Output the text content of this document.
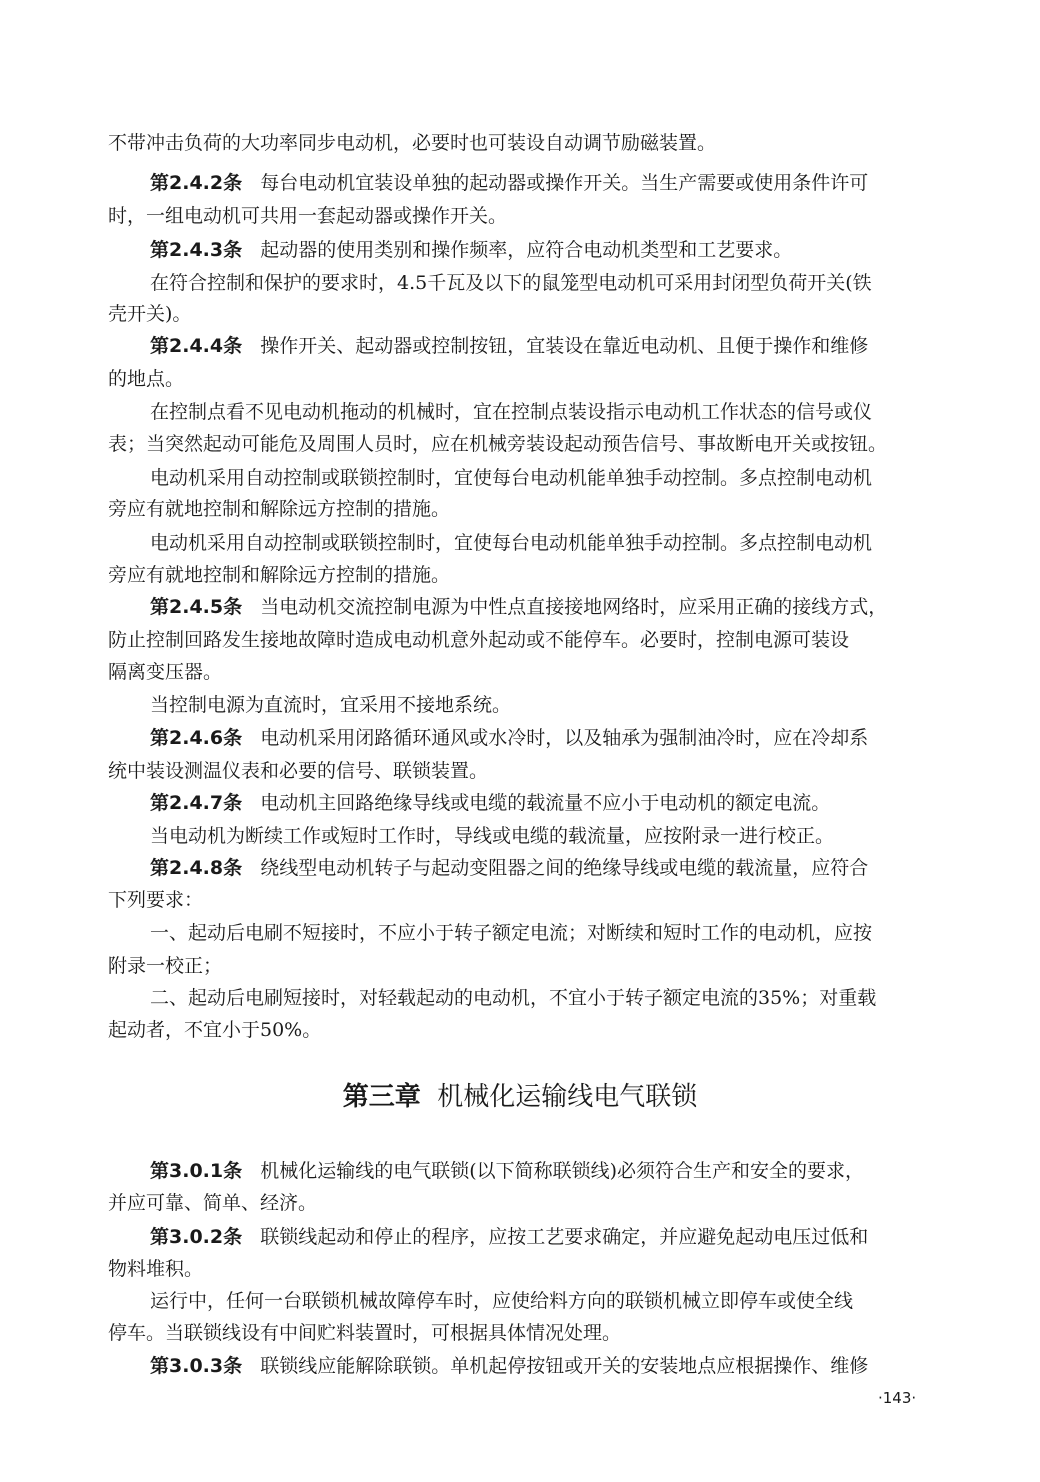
不带冲击负荷的大功率同步电动机，必要时也可装设自动调节励磁装置。
第2.4.2条 每台电动机宜装设单独的起动器或操作开关。当生产需要或使用条件许可
时，一组电动机可共用一套起动器或操作开关。
第2.4.3条 起动器的使用类别和操作频率，应符合电动机类型和工艺要求。
在符合控制和保护的要求时，4.5千瓦及以下的鼠笼型电动机可采用封闭型负荷开关(铁
壳开关)。
第2.4.4条 操作开关、起动器或控制按钮，宜装设在靠近电动机、且便于操作和维修
的地点。
在控制点看不见电动机拖动的机械时，宜在控制点装设指示电动机工作状态的信号或仪
表；当突然起动可能危及周围人员时，应在机械旁装设起动预告信号、事故断电开关或按钮。
电动机采用自动控制或联锁控制时，宜使每台电动机能单独手动控制。多点控制电动机
旁应有就地控制和解除远方控制的措施。
电动机采用自动控制或联锁控制时，宜使每台电动机能单独手动控制。多点控制电动机
旁应有就地控制和解除远方控制的措施。
第2.4.5条 当电动机交流控制电源为中性点直接接地网络时，应采用正确的接线方式，
防止控制回路发生接地故障时造成电动机意外起动或不能停车。必要时，控制电源可装设
隔离变压器。
当控制电源为直流时，宜采用不接地系统。
第2.4.6条 电动机采用闭路循环通风或水冷时，以及轴承为强制油冷时，应在冷却系
统中装设测温仪表和必要的信号、联锁装置。
第2.4.7条 电动机主回路绝缘导线或电缆的载流量不应小于电动机的额定电流。
当电动机为断续工作或短时工作时，导线或电缆的载流量，应按附录一进行校正。
第2.4.8条 绕线型电动机转子与起动变阻器之间的绝缘导线或电缆的载流量，应符合
下列要求：
一、起动后电刷不短接时，不应小于转子额定电流；对断续和短时工作的电动机，应按
附录一校正；
二、起动后电刷短接时，对轻载起动的电动机，不宜小于转子额定电流的35%；对重载
起动者，不宜小于50%。
第三章 机械化运输线电气联锁
第3.0.1条 机械化运输线的电气联锁(以下简称联锁线)必须符合生产和安全的要求，
并应可靠、简单、经济。
第3.0.2条 联锁线起动和停止的程序，应按工艺要求确定，并应避免起动电压过低和
物料堆积。
运行中，任何一台联锁机械故障停车时，应使给料方向的联锁机械立即停车或使全线
停车。当联锁线设有中间贮料装置时，可根据具体情况处理。
第3.0.3条 联锁线应能解除联锁。单机起停按钮或开关的安装地点应根据操作、维修
·143·
